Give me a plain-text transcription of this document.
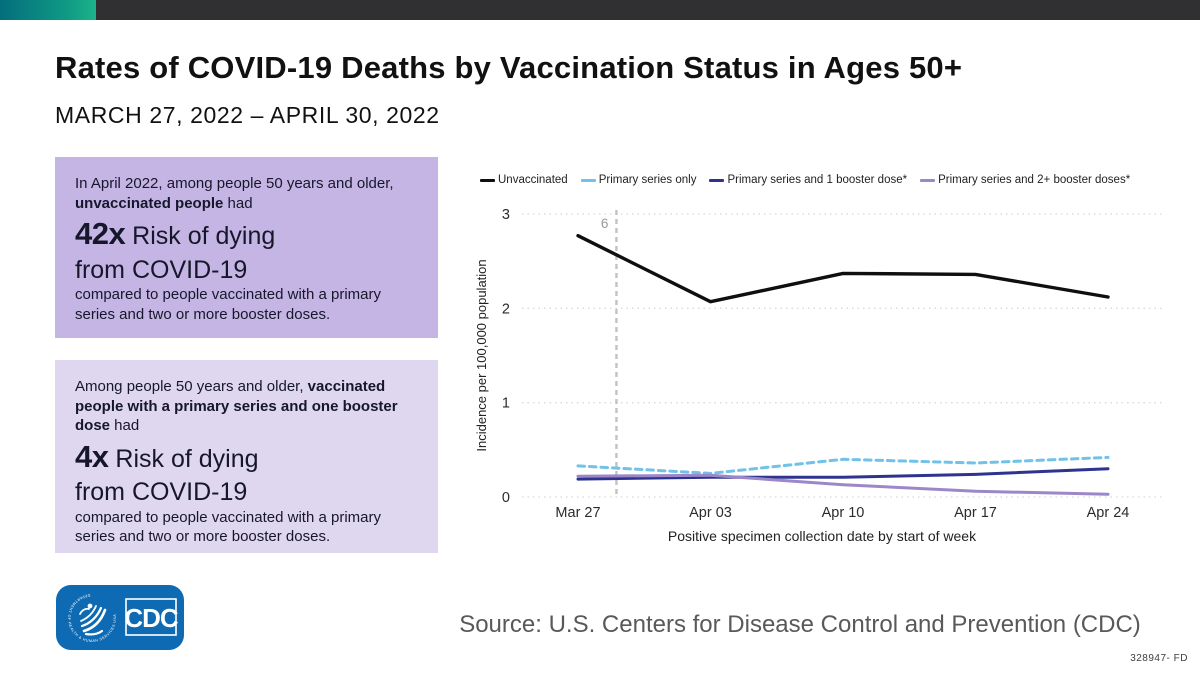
Rates of COVID-19 Deaths by Vaccination Status in Ages 50+
MARCH 27, 2022 – APRIL 30, 2022
In April 2022, among people 50 years and older, unvaccinated people had
42x Risk of dying
from COVID-19
compared to people vaccinated with a primary series and two or more booster doses.
Among people 50 years and older, vaccinated people with a primary series and one booster dose had
4x Risk of dying
from COVID-19
compared to people vaccinated with a primary series and two or more booster doses.
Unvaccinated	Primary series only	Primary series and 1 booster dose*	Primary series and 2+ booster doses*
0
1
2
3
6
Mar 27	Apr 03	Apr 10	Apr 17	Apr 24
Incidence per 100,000 population
Positive specimen collection date by start of week
DEPARTMENT OF HEALTH & HUMAN SERVICES USA CDC	Source: U.S. Centers for Disease Control and Prevention (CDC)
328947- FD
